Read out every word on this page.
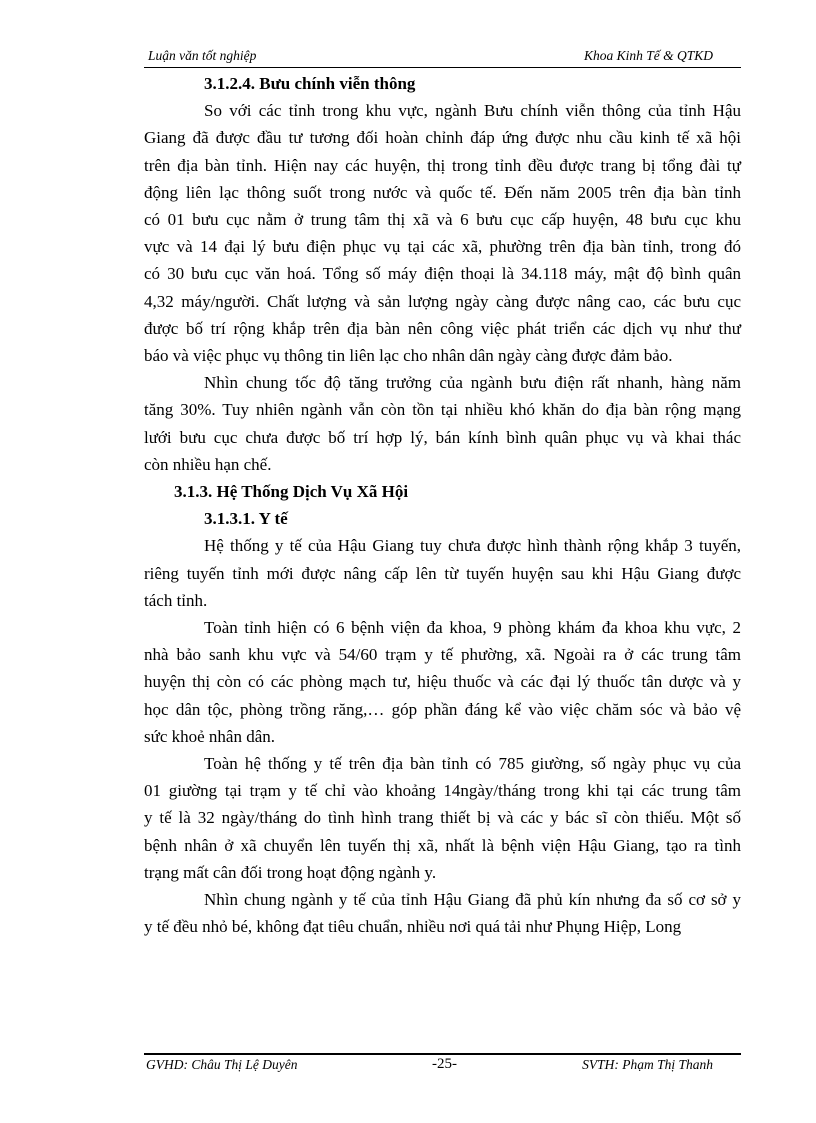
Luận văn tốt nghiệp	Khoa Kinh Tế & QTKD

3.1.2.4. Bưu chính viễn thông

So với các tỉnh trong khu vực, ngành Bưu chính viễn thông của tỉnh Hậu
Giang đã được đầu tư tương đối hoàn chỉnh đáp ứng được nhu cầu kinh tế xã hội
trên địa bàn tỉnh. Hiện nay các huyện, thị trong tỉnh đều được trang bị tổng đài tự
động liên lạc thông suốt trong nước và quốc tế. Đến năm 2005 trên địa bàn tỉnh
có 01 bưu cục nằm ở trung tâm thị xã và 6 bưu cục cấp huyện, 48 bưu cục khu
vực và 14 đại lý bưu điện phục vụ tại các xã, phường trên địa bàn tỉnh, trong đó
có 30 bưu cục văn hoá. Tổng số máy điện thoại là 34.118 máy, mật độ bình quân
4,32 máy/người. Chất lượng và sản lượng ngày càng được nâng cao, các bưu cục
được bố trí rộng khắp trên địa bàn nên công việc phát triển các dịch vụ như thư
báo và việc phục vụ thông tin liên lạc cho nhân dân ngày càng được đảm bảo.
Nhìn chung tốc độ tăng trưởng của ngành bưu điện rất nhanh, hàng năm
tăng 30%. Tuy nhiên ngành vẫn còn tồn tại nhiều khó khăn do địa bàn rộng mạng
lưới bưu cục chưa được bố trí hợp lý, bán kính bình quân phục vụ và khai thác
còn nhiều hạn chế.

3.1.3. Hệ Thống Dịch Vụ Xã Hội

3.1.3.1. Y tế

Hệ thống y tế của Hậu Giang tuy chưa được hình thành rộng khắp 3 tuyến,
riêng tuyến tỉnh mới được nâng cấp lên từ tuyến huyện sau khi Hậu Giang được
tách tỉnh.
Toàn tỉnh hiện có 6 bệnh viện đa khoa, 9 phòng khám đa khoa khu vực, 2
nhà bảo sanh khu vực và 54/60 trạm y tế phường, xã. Ngoài ra ở các trung tâm
huyện thị còn có các phòng mạch tư, hiệu thuốc và các đại lý thuốc tân dược và y
học dân tộc, phòng trồng răng,… góp phần đáng kể vào việc chăm sóc và bảo vệ
sức khoẻ nhân dân.
Toàn hệ thống y tế trên địa bàn tỉnh có 785 giường, số ngày phục vụ của
01 giường tại trạm y tế chỉ vào khoảng 14ngày/tháng trong khi tại các trung tâm
y tế là 32 ngày/tháng do tình hình trang thiết bị và các y bác sĩ còn thiếu. Một số
bệnh nhân ở xã chuyển lên tuyến thị xã, nhất là bệnh viện Hậu Giang, tạo ra tình
trạng mất cân đối trong hoạt động ngành y.
Nhìn chung ngành y tế của tỉnh Hậu Giang đã phủ kín nhưng đa số cơ sở y
y tế đều nhỏ bé, không đạt tiêu chuẩn, nhiều nơi quá tải như Phụng Hiệp, Long
GVHD: Châu Thị Lệ Duyên	-25-	SVTH: Phạm Thị Thanh
